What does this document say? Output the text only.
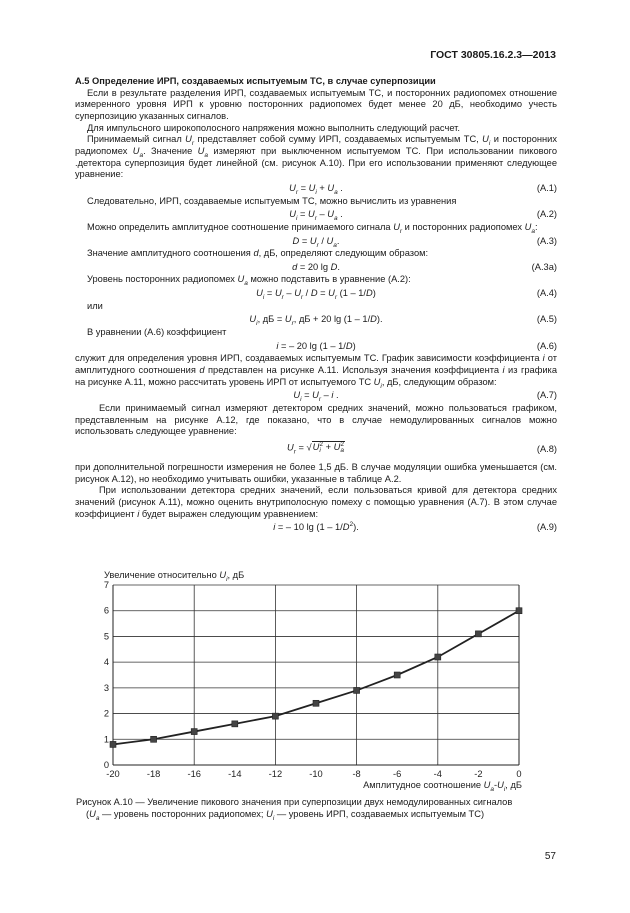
ГОСТ 30805.16.2.3—2013
А.5 Определение ИРП, создаваемых испытуемым ТС, в случае суперпозиции
Если в результате разделения ИРП, создаваемых испытуемым ТС, и посторонних радиопомех отношение измеренного уровня ИРП к уровню посторонних радиопомех будет менее 20 дБ, необходимо учесть суперпозицию указанных сигналов.
Для импульсного широкополосного напряжения можно выполнить следующий расчет.
Принимаемый сигнал $U_r$ представляет собой сумму ИРП, создаваемых испытуемым ТС, $U_i$ и посторонних радиопомех $U_a$. Значение $U_a$ измеряют при выключенном испытуемом ТС. При использовании пикового .детектора суперпозиция будет линейной (см. рисунок А.10). При его использовании применяют следующее уравнение:
$U_r = U_i + U_a$ .	(А.1)
Следовательно, ИРП, создаваемые испытуемым ТС, можно вычислить из уравнения
$U_i = U_r - U_a$ .	(А.2)
Можно определить амплитудное соотношение принимаемого сигнала $U_r$ и посторонних радиопомех $U_a$:
$D = U_r / U_a$.	(А.3)
Значение амплитудного соотношения d, дБ, определяют следующим образом:
d = 20 lg D.	(А.3а)
Уровень посторонних радиопомех $U_a$ можно подставить в уравнение (А.2):
$U_i = U_r - U_r / D = U_r$ (1 – 1/D)	(А.4)
или
$U_i$, дБ = $U_r$, дБ + 20 lg (1 – 1/D).	(А.5)
В уравнении (А.6) коэффициент
i = – 20 lg (1 – 1/D)	(А.6)
служит для определения уровня ИРП, создаваемых испытуемым ТС. График зависимости коэффициента i от амплитудного соотношения d представлен на рисунке А.11. Используя значения коэффициента i из графика на рисунке А.11, можно рассчитать уровень ИРП от испытуемого ТС $U_i$, дБ, следующим образом:
$U_i = U_r - i$ .	(А.7)
Если принимаемый сигнал измеряют детектором средних значений, можно пользоваться графиком, представленным на рисунке А.12, где показано, что в случае немодулированных сигналов можно использовать следующее уравнение:
$U_r = √U$ 2
i + U 2
a	(А.8)
при дополнительной погрешности измерения не более 1,5 дБ. В случае модуляции ошибка уменьшается (см. рисунок А.12), но необходимо учитывать ошибки, указанные в таблице А.2.
При использовании детектора средних значений, если пользоваться кривой для детектора средних значений (рисунок А.11), можно оценить внутриполосную помеху с помощью уравнения (А.7). В этом случае коэффициент i будет выражен следующим уравнением:
i = – 10 $\lg (1 - 1/D^2)$.	(А.9)
0
1
2
3
4
5
6
7
-20	-18	-16	-14	-12	-10	-8	-6	-4	-2	0
Увеличение относительно $U_i$, дБ
Амплитудное соотношение $U_a-U_i$, дБ
Рисунок А.10 — Увеличение пикового значения при суперпозиции двух немодулированных сигналов
($U_a$ — уровень посторонних радиопомех; $U_i$ — уровень ИРП, создаваемых испытуемым ТС)
57
